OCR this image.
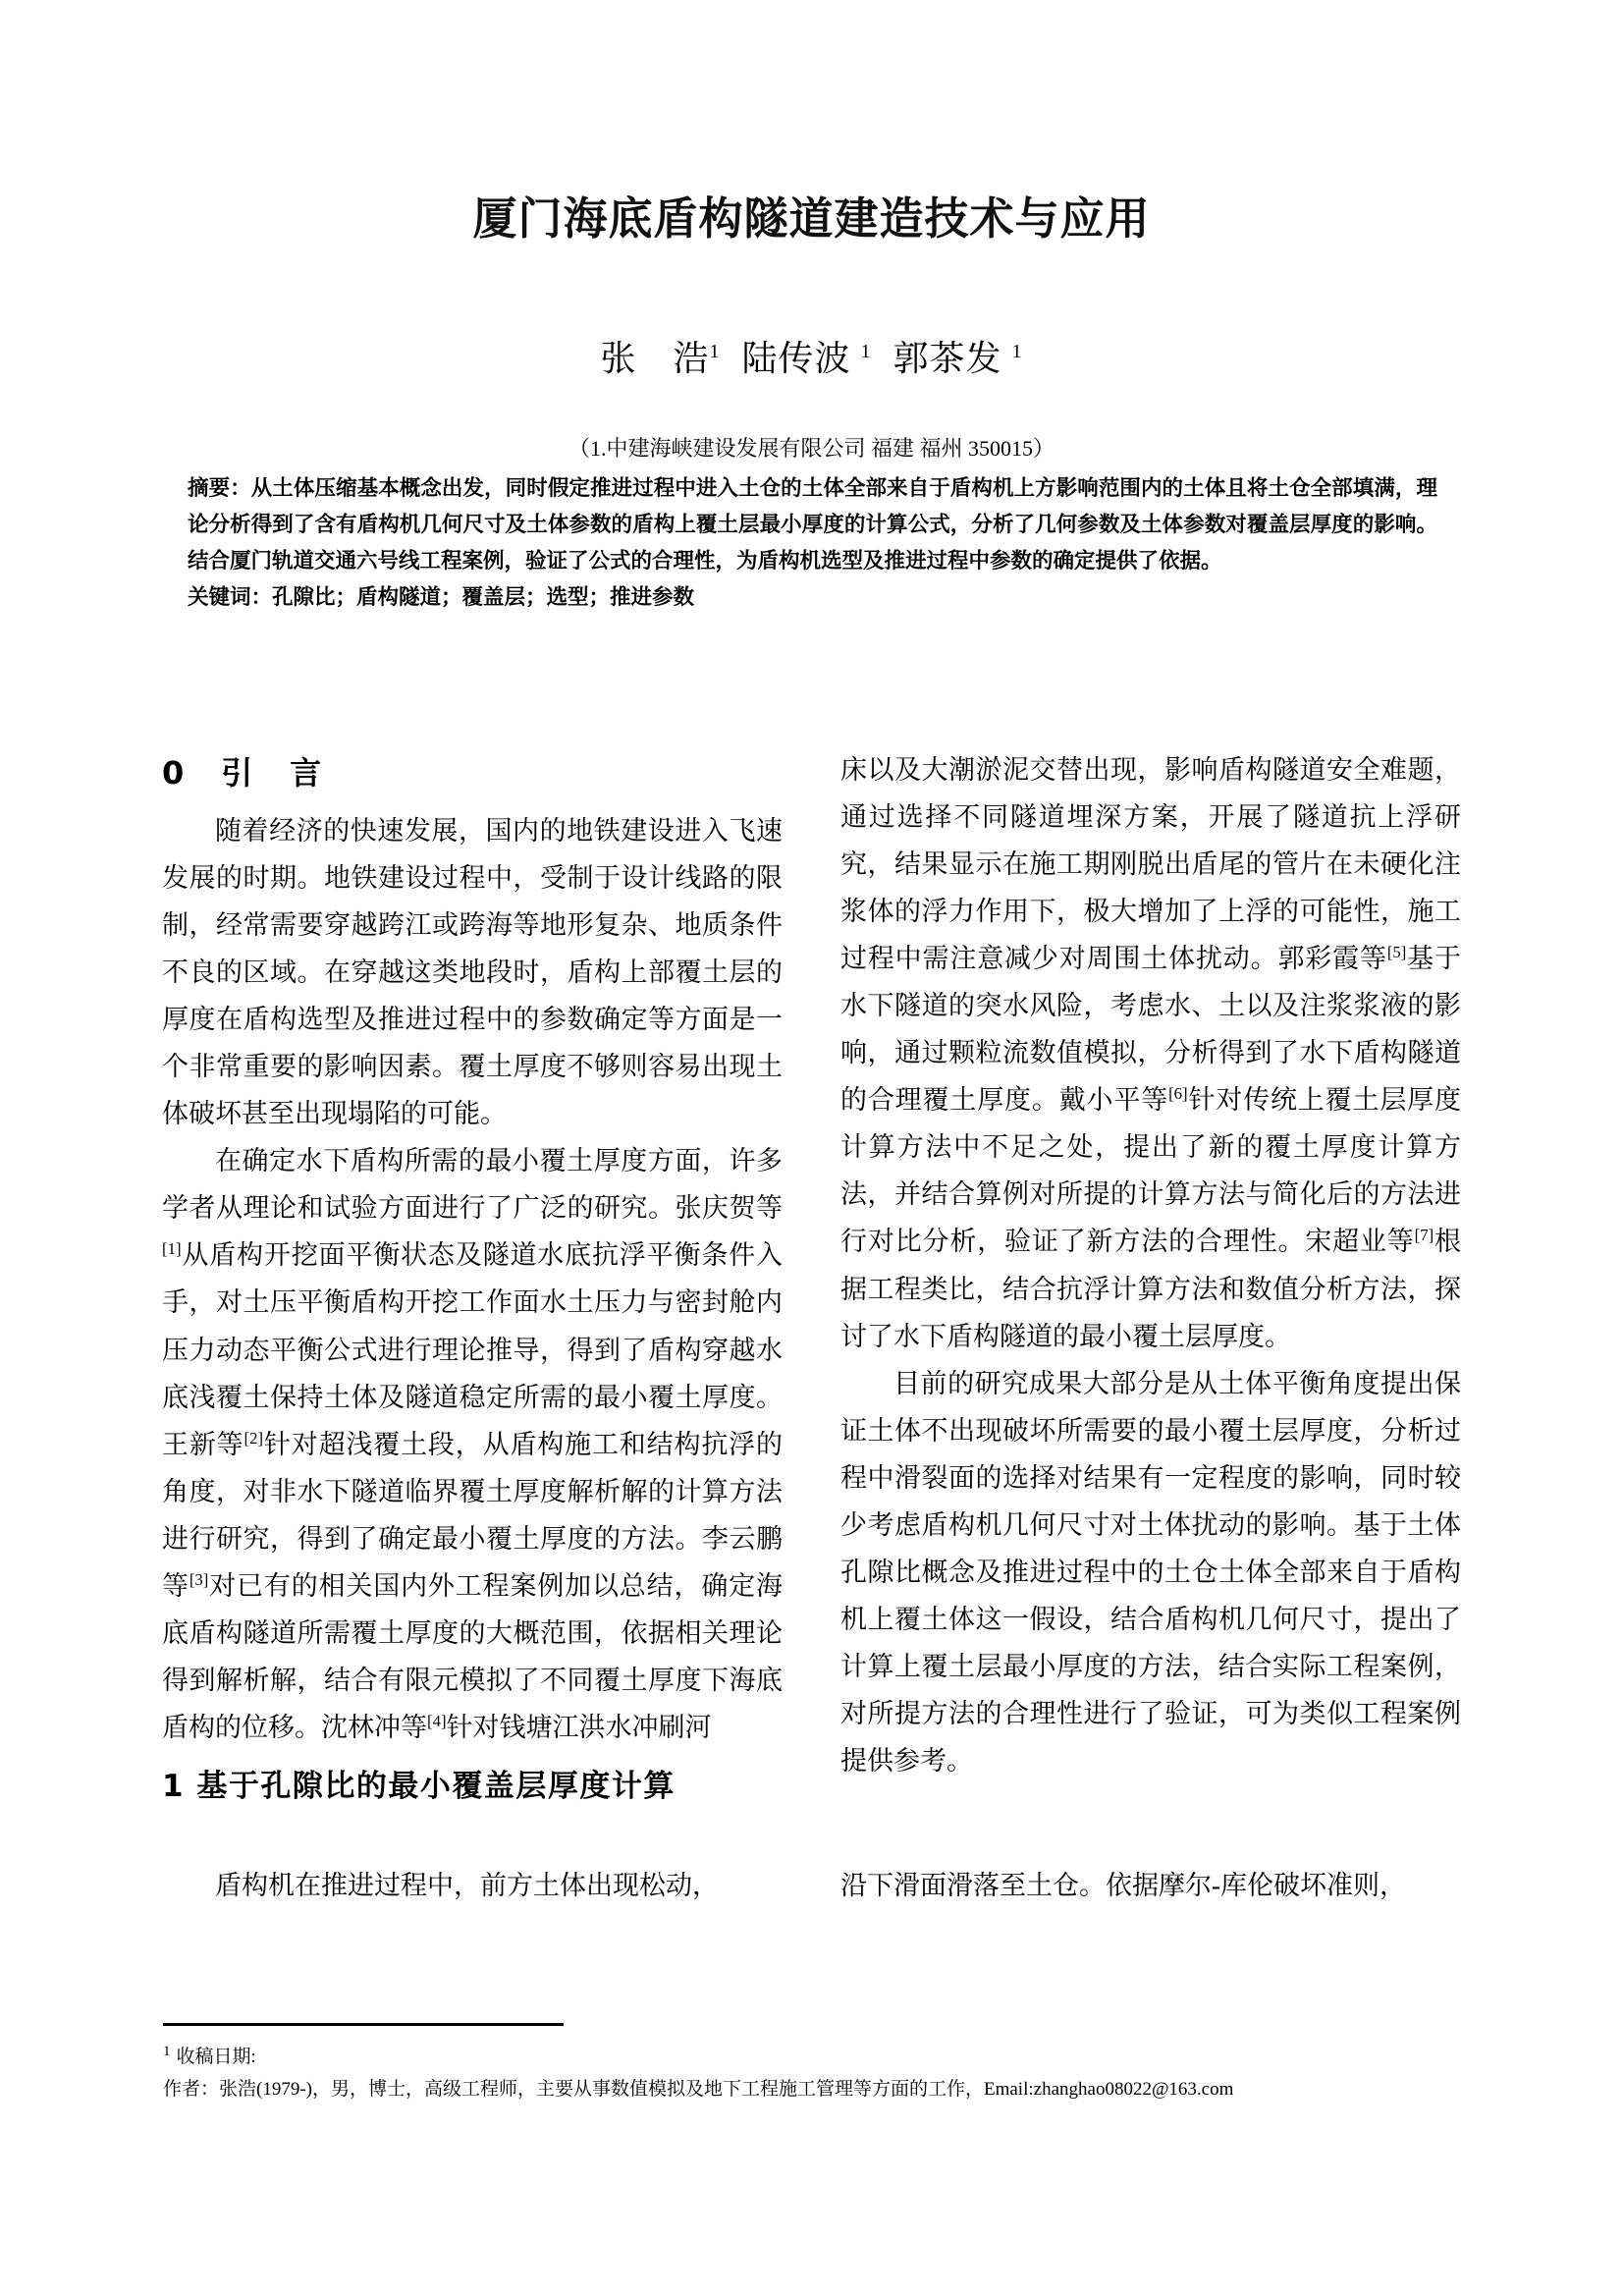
厦门海底盾构隧道建造技术与应用
张　浩$^1$ 陆传波 $^1$ 郭茶发 $^1$
（1.中建海峡建设发展有限公司 福建 福州 350015）

摘要：从土体压缩基本概念出发，同时假定推进过程中进入土仓的土体全部来自于盾构机上方影响范围内的土体且将土仓全部填满，理论分析得到了含有盾构机几何尺寸及土体参数的盾构上覆土层最小厚度的计算公式，分析了几何参数及土体参数对覆盖层厚度的影响。结合厦门轨道交通六号线工程案例，验证了公式的合理性，为盾构机选型及推进过程中参数的确定提供了依据。

关键词：孔隙比；盾构隧道；覆盖层；选型；推进参数

0　引　言

随着经济的快速发展，国内的地铁建设进入飞速发展的时期。地铁建设过程中，受制于设计线路的限制，经常需要穿越跨江或跨海等地形复杂、地质条件不良的区域。在穿越这类地段时，盾构上部覆土层的厚度在盾构选型及推进过程中的参数确定等方面是一个非常重要的影响因素。覆土厚度不够则容易出现土体破坏甚至出现塌陷的可能。

在确定水下盾构所需的最小覆土厚度方面，许多学者从理论和试验方面进行了广泛的研究。张庆贺等[1]从盾构开挖面平衡状态及隧道水底抗浮平衡条件入手，对土压平衡盾构开挖工作面水土压力与密封舱内压力动态平衡公式进行理论推导，得到了盾构穿越水底浅覆土保持土体及隧道稳定所需的最小覆土厚度。王新等[2]针对超浅覆土段，从盾构施工和结构抗浮的角度，对非水下隧道临界覆土厚度解析解的计算方法进行研究，得到了确定最小覆土厚度的方法。李云鹏等[3]对已有的相关国内外工程案例加以总结，确定海底盾构隧道所需覆土厚度的大概范围，依据相关理论得到解析解，结合有限元模拟了不同覆土厚度下海底盾构的位移。沈林冲等[4]针对钱塘江洪水冲刷河

床以及大潮淤泥交替出现，影响盾构隧道安全难题，通过选择不同隧道埋深方案，开展了隧道抗上浮研究，结果显示在施工期刚脱出盾尾的管片在未硬化注浆体的浮力作用下，极大增加了上浮的可能性，施工过程中需注意减少对周围土体扰动。郭彩霞等[5]基于水下隧道的突水风险，考虑水、土以及注浆浆液的影响，通过颗粒流数值模拟，分析得到了水下盾构隧道的合理覆土厚度。戴小平等[6]针对传统上覆土层厚度计算方法中不足之处，提出了新的覆土厚度计算方法，并结合算例对所提的计算方法与简化后的方法进行对比分析，验证了新方法的合理性。宋超业等[7]根据工程类比，结合抗浮计算方法和数值分析方法，探讨了水下盾构隧道的最小覆土层厚度。

目前的研究成果大部分是从土体平衡角度提出保证土体不出现破坏所需要的最小覆土层厚度，分析过程中滑裂面的选择对结果有一定程度的影响，同时较少考虑盾构机几何尺寸对土体扰动的影响。基于土体孔隙比概念及推进过程中的土仓土体全部来自于盾构机上覆土体这一假设，结合盾构机几何尺寸，提出了计算上覆土层最小厚度的方法，结合实际工程案例，对所提方法的合理性进行了验证，可为类似工程案例提供参考。

1 基于孔隙比的最小覆盖层厚度计算
盾构机在推进过程中，前方土体出现松动，	沿下滑面滑落至土仓。依据摩尔-库伦破坏准则，

$^1$ 收稿日期:

作者：张浩(1979-)，男，博士，高级工程师，主要从事数值模拟及地下工程施工管理等方面的工作，Email:zhanghao08022@163.com
